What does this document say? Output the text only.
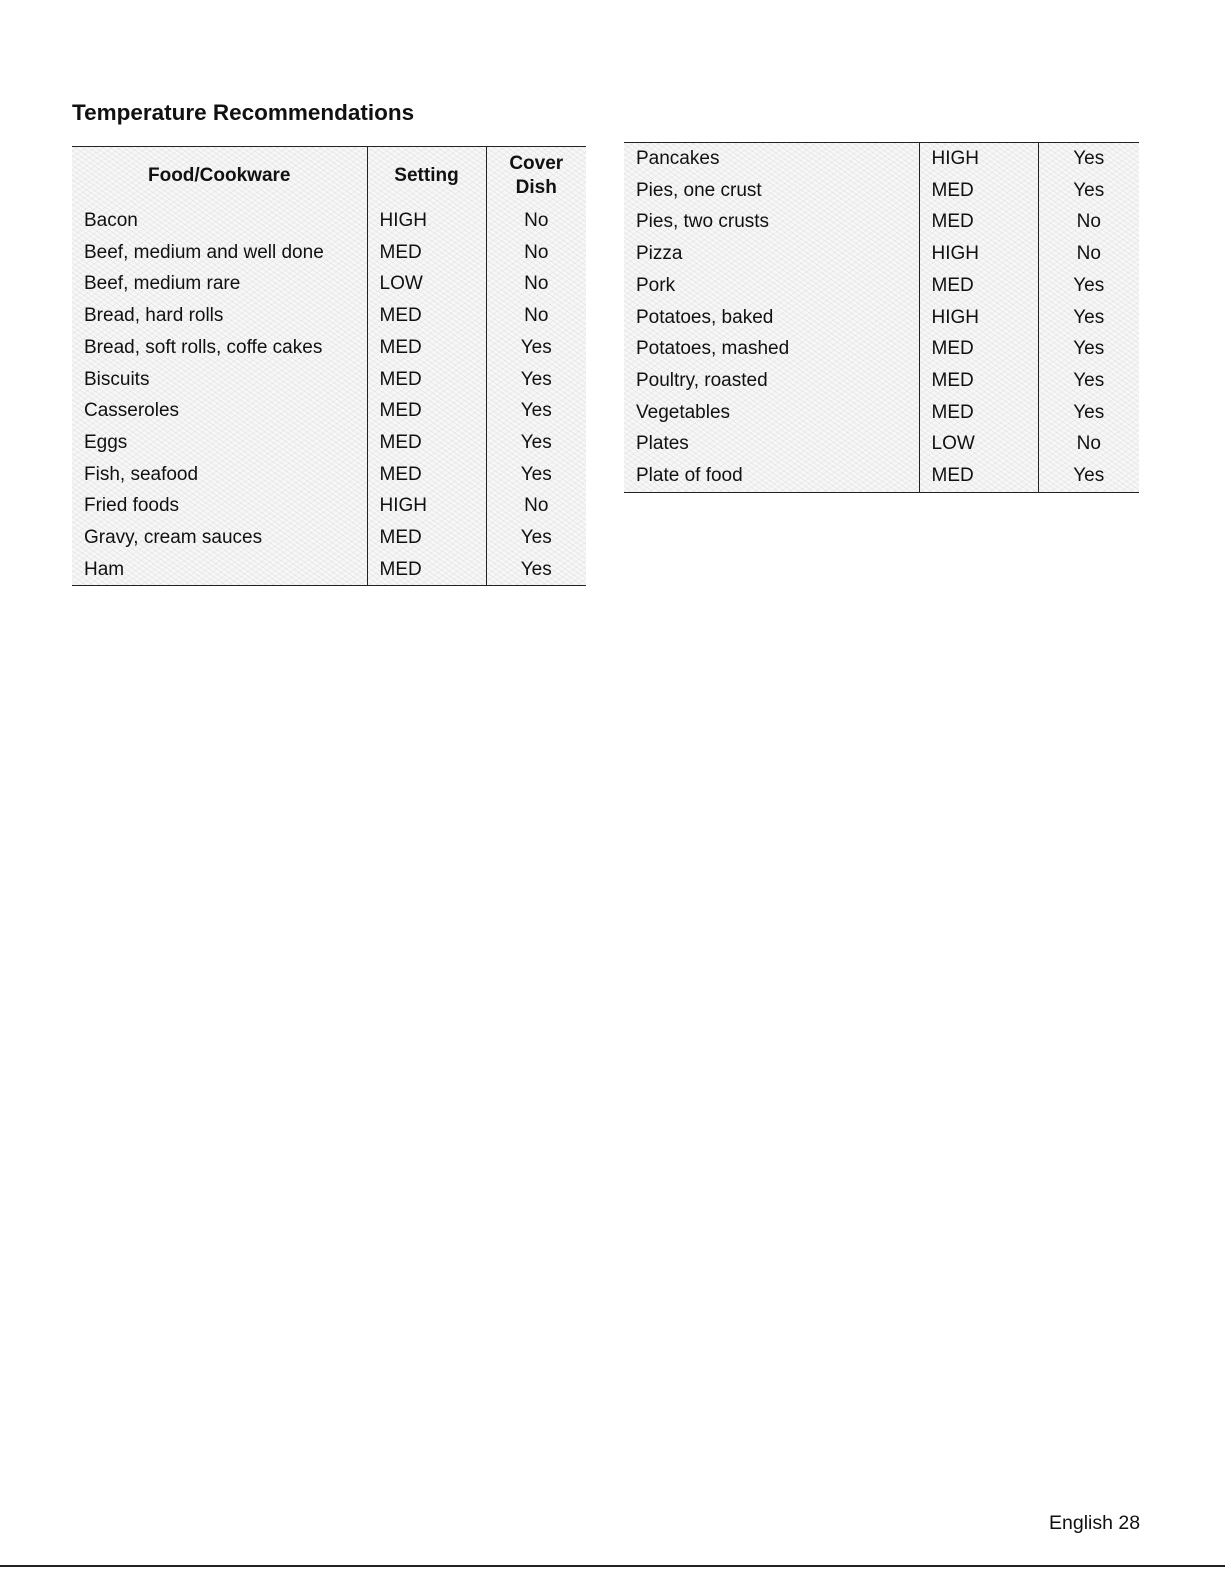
Temperature Recommendations
Food/Cookware	Setting	Cover
Dish
Bacon	HIGH	No
Beef, medium and well done	MED	No
Beef, medium rare	LOW	No
Bread, hard rolls	MED	No
Bread, soft rolls, coffe cakes	MED	Yes
Biscuits	MED	Yes
Casseroles	MED	Yes
Eggs	MED	Yes
Fish, seafood	MED	Yes
Fried foods	HIGH	No
Gravy, cream sauces	MED	Yes
Ham	MED	Yes
Pancakes	HIGH	Yes
Pies, one crust	MED	Yes
Pies, two crusts	MED	No
Pizza	HIGH	No
Pork	MED	Yes
Potatoes, baked	HIGH	Yes
Potatoes, mashed	MED	Yes
Poultry, roasted	MED	Yes
Vegetables	MED	Yes
Plates	LOW	No
Plate of food	MED	Yes
English 28
